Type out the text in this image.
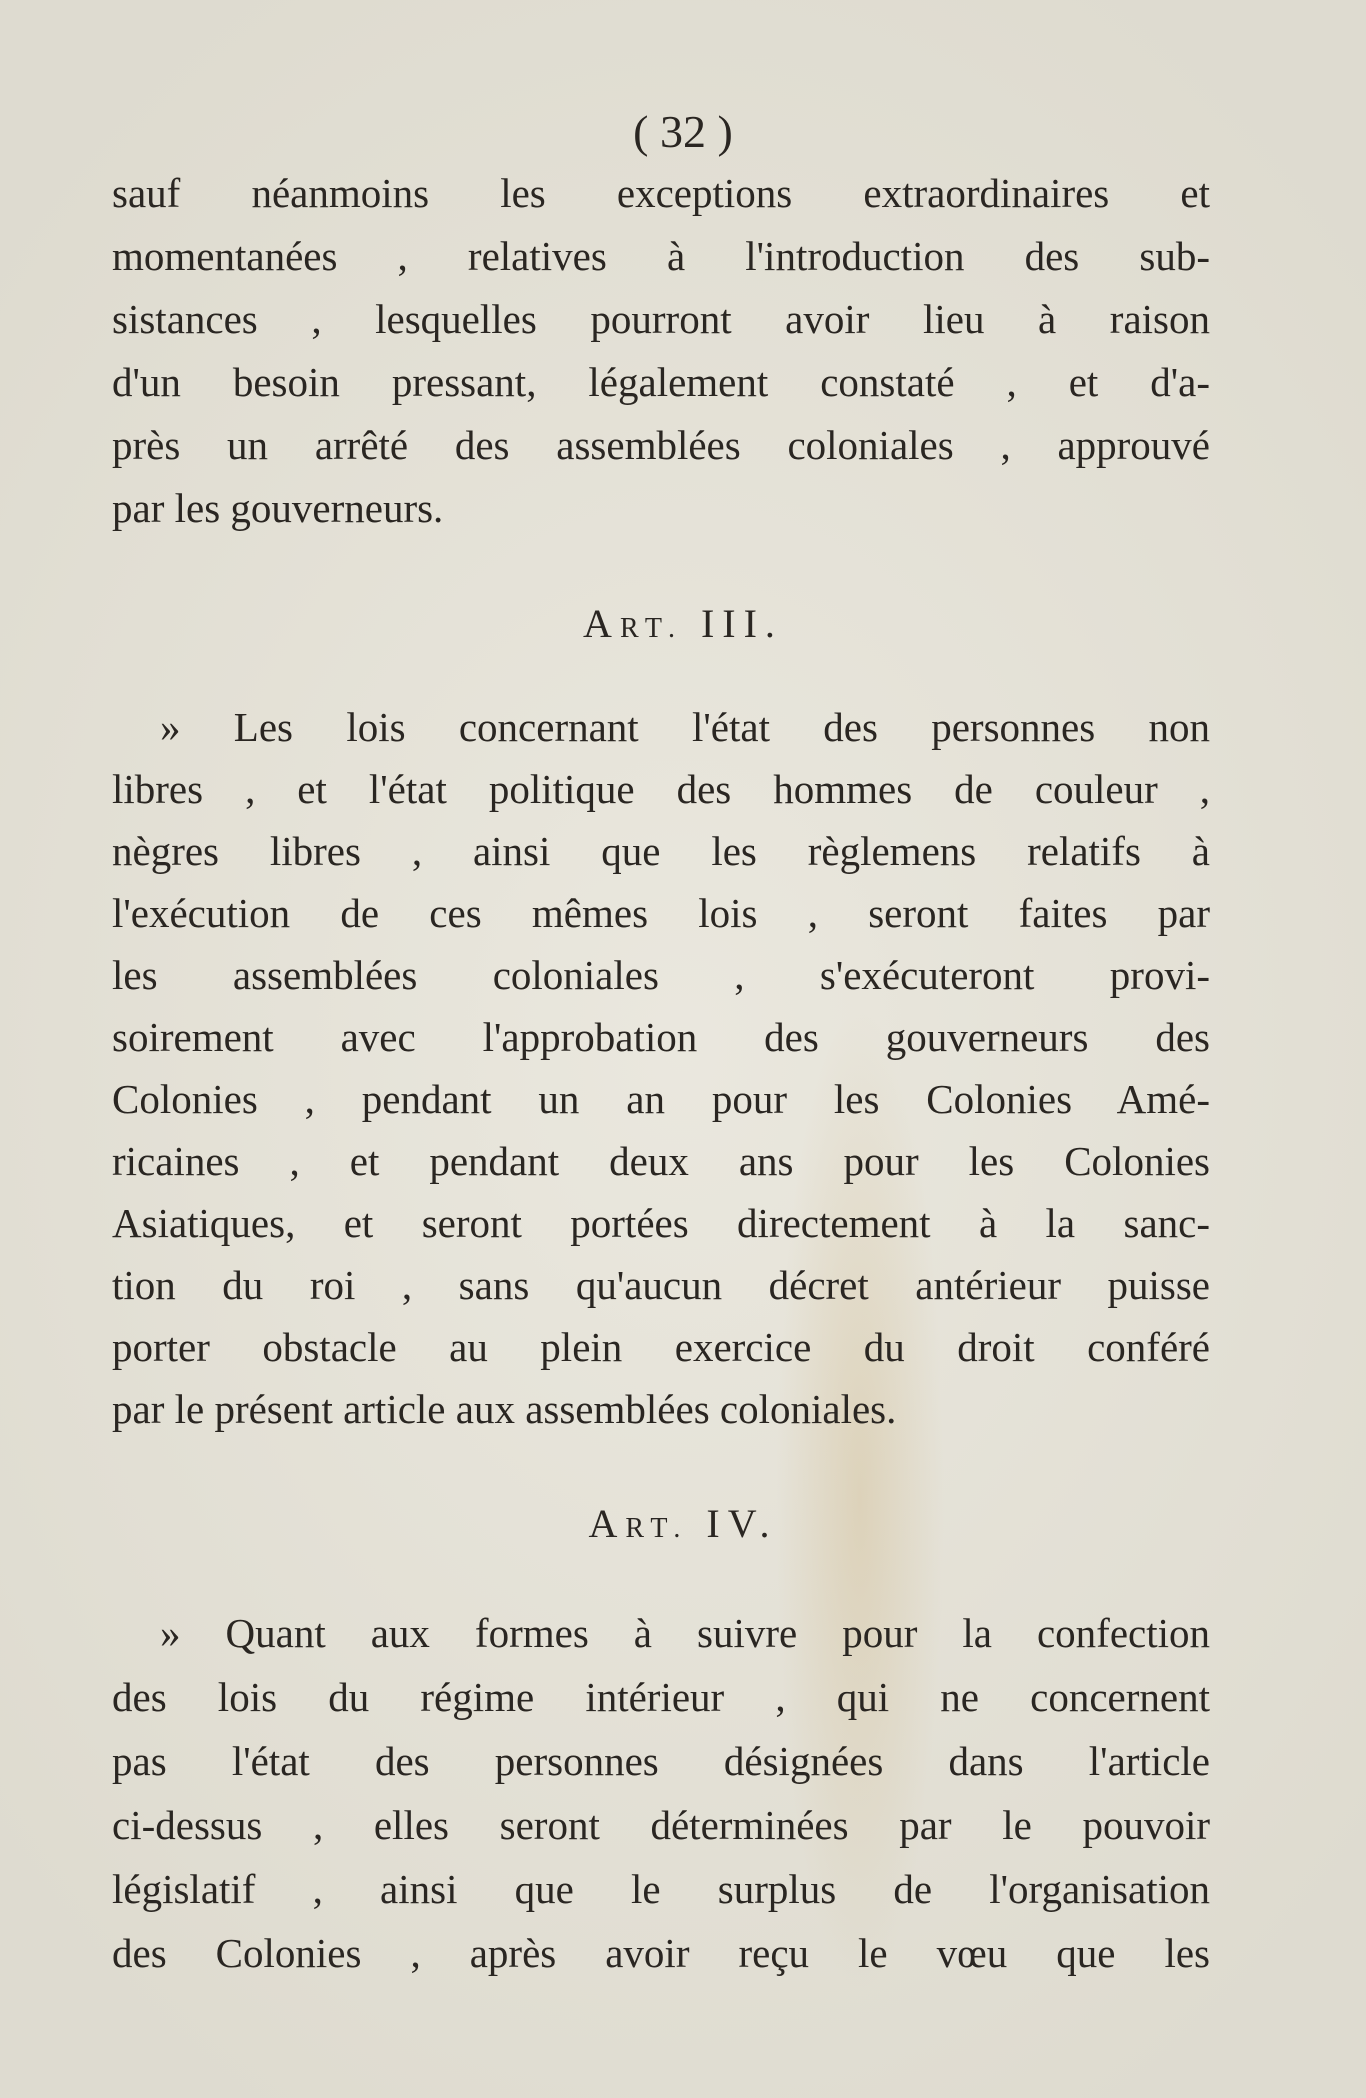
( 32 )
sauf néanmoins les exceptions extraordinaires et
momentanées , relatives à l'introduction des sub-
sistances , lesquelles pourront avoir lieu à raison
d'un besoin pressant, légalement constaté , et d'a-
près un arrêté des assemblées coloniales , approuvé
par les gouverneurs.
ART. III.
» Les lois concernant l'état des personnes non
libres , et l'état politique des hommes de couleur ,
nègres libres , ainsi que les règlemens relatifs à
l'exécution de ces mêmes lois , seront faites par
les assemblées coloniales , s'exécuteront provi-
soirement avec l'approbation des gouverneurs des
Colonies , pendant un an pour les Colonies Amé-
ricaines , et pendant deux ans pour les Colonies
Asiatiques, et seront portées directement à la sanc-
tion du roi , sans qu'aucun décret antérieur puisse
porter obstacle au plein exercice du droit conféré
par le présent article aux assemblées coloniales.
ART. IV.
» Quant aux formes à suivre pour la confection
des lois du régime intérieur , qui ne concernent
pas l'état des personnes désignées dans l'article
ci-dessus , elles seront déterminées par le pouvoir
législatif , ainsi que le surplus de l'organisation
des Colonies , après avoir reçu le vœu que les
